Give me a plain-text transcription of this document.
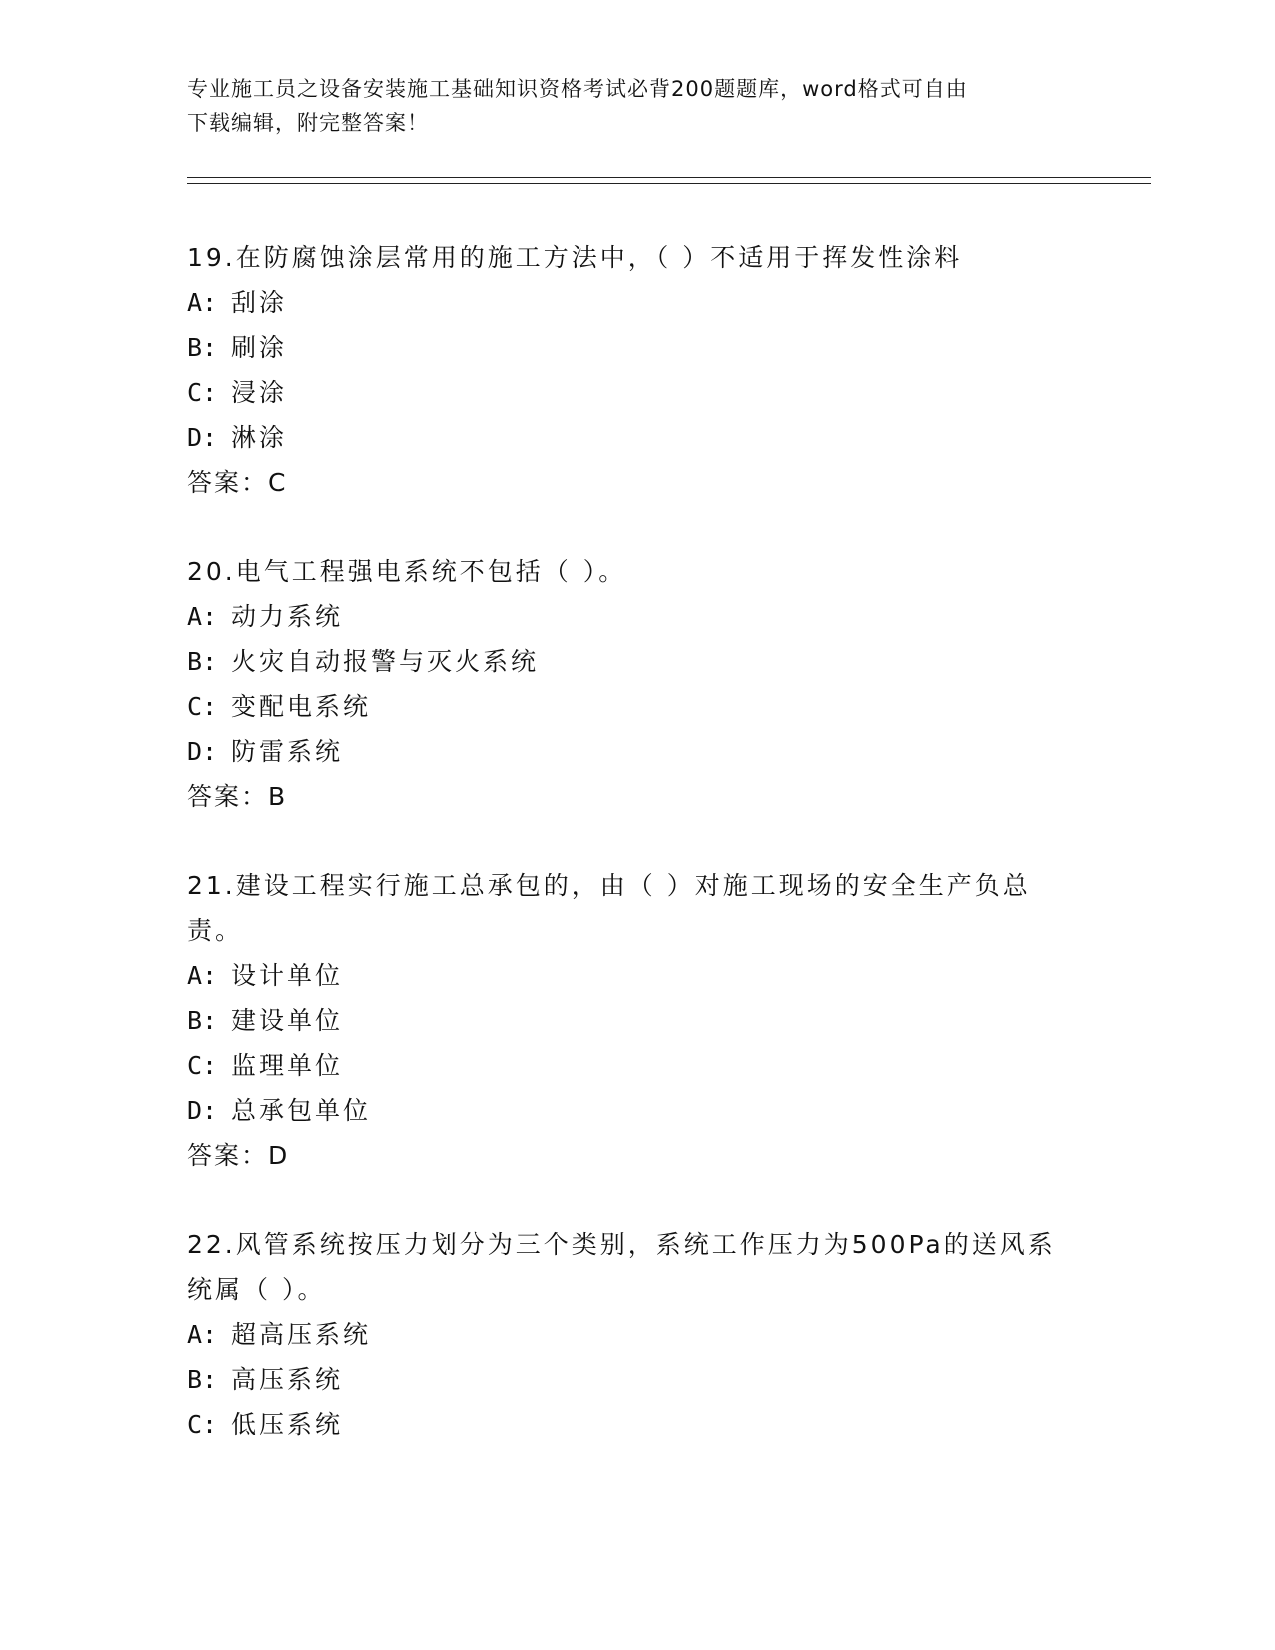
专业施工员之设备安装施工基础知识资格考试必背200题题库，word格式可自由
下载编辑，附完整答案！
19.在防腐蚀涂层常用的施工方法中，（ ）不适用于挥发性涂料
A: 刮涂
B: 刷涂
C: 浸涂
D: 淋涂
答案：C
20.电气工程强电系统不包括（ ）。
A: 动力系统
B: 火灾自动报警与灭火系统
C: 变配电系统
D: 防雷系统
答案：B
21.建设工程实行施工总承包的，由（ ）对施工现场的安全生产负总
责。
A: 设计单位
B: 建设单位
C: 监理单位
D: 总承包单位
答案：D
22.风管系统按压力划分为三个类别，系统工作压力为500Pa的送风系
统属（ ）。
A: 超高压系统
B: 高压系统
C: 低压系统
